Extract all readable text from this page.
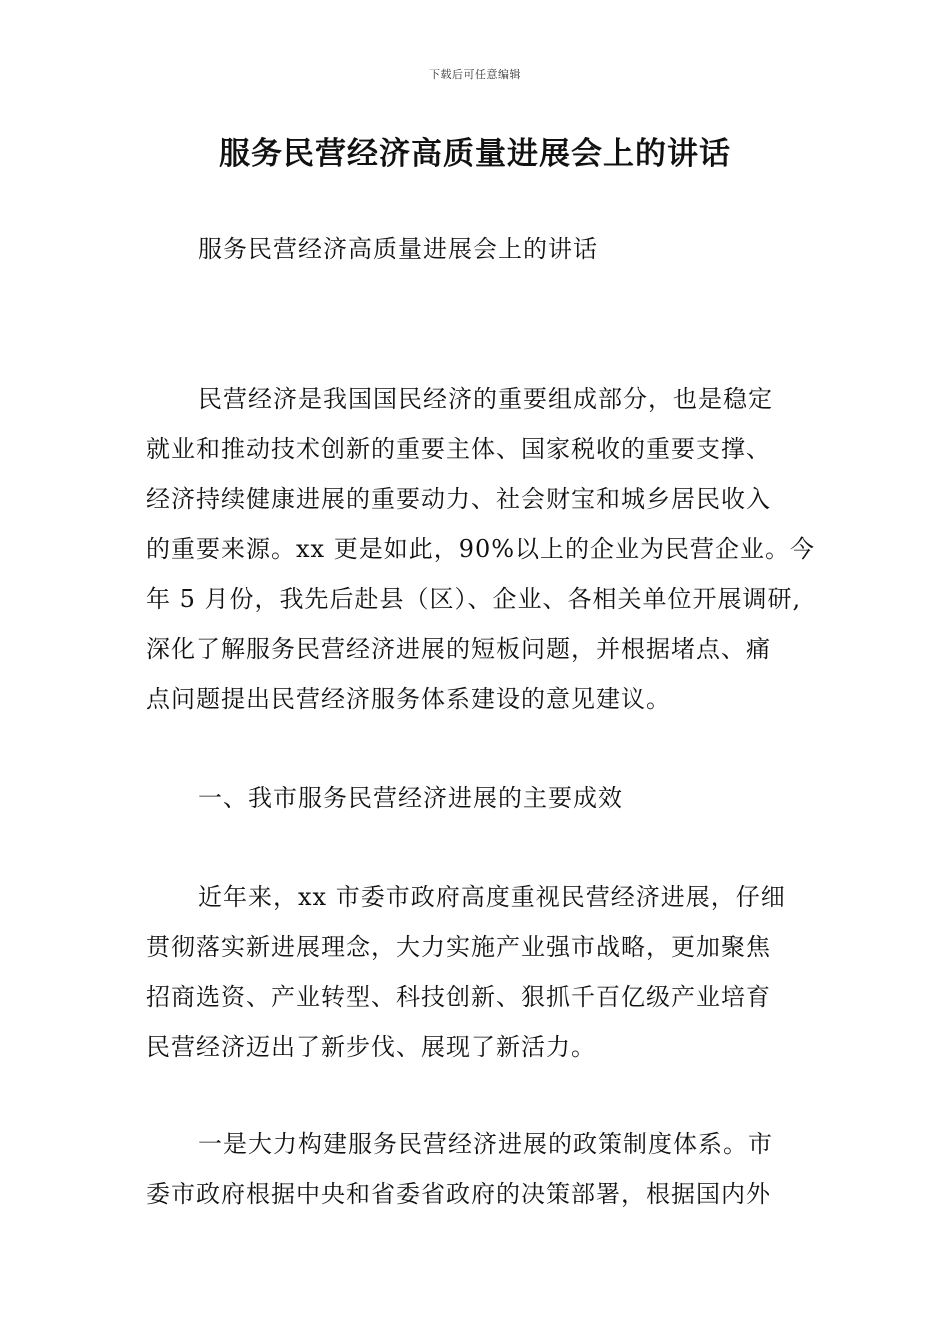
下载后可任意编辑
服务民营经济高质量进展会上的讲话

服务民营经济高质量进展会上的讲话

民营经济是我国国民经济的重要组成部分，也是稳定
就业和推动技术创新的重要主体、国家税收的重要支撑、
经济持续健康进展的重要动力、社会财宝和城乡居民收入
的重要来源。xx 更是如此，90%以上的企业为民营企业。今
年 5 月份，我先后赴县（区）、企业、各相关单位开展调研,
深化了解服务民营经济进展的短板问题，并根据堵点、痛
点问题提出民营经济服务体系建设的意见建议。

一、我市服务民营经济进展的主要成效

近年来，xx 市委市政府高度重视民营经济进展，仔细
贯彻落实新进展理念，大力实施产业强市战略，更加聚焦
招商选资、产业转型、科技创新、狠抓千百亿级产业培育
民营经济迈出了新步伐、展现了新活力。
一是大力构建服务民营经济进展的政策制度体系。市
委市政府根据中央和省委省政府的决策部署，根据国内外
